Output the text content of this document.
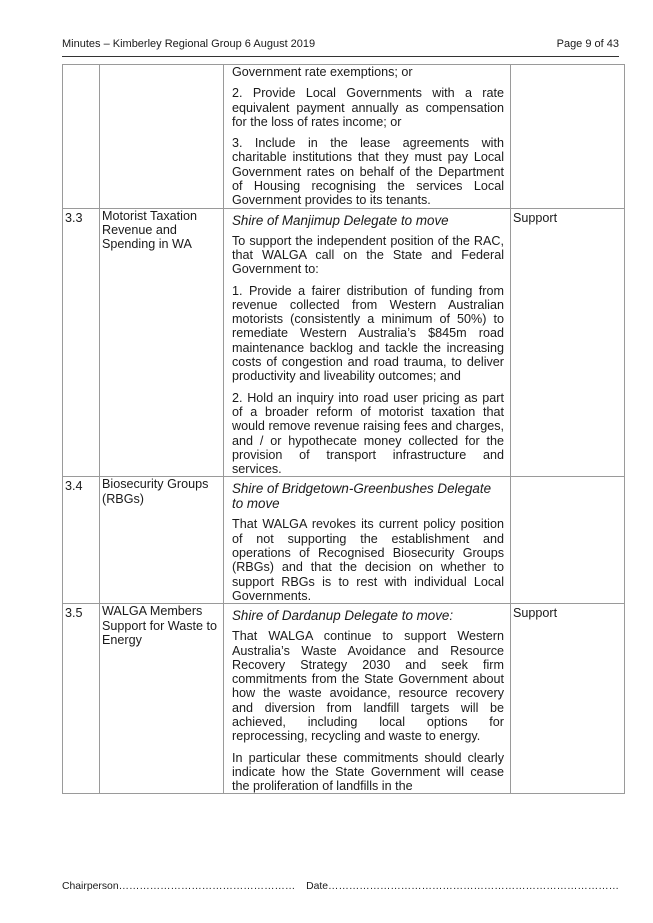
Minutes – Kimberley Regional Group 6 August 2019	Page 9 of 43

		Government rate exemptions; or

2. Provide Local Governments with a rate equivalent payment annually as compensation for the loss of rates income; or

3. Include in the lease agreements with charitable institutions that they must pay Local Government rates on behalf of the Department of Housing recognising the services Local Government provides to its tenants.	

3.3	Motorist Taxation Revenue and Spending in WA	Shire of Manjimup Delegate to move

To support the independent position of the RAC, that WALGA call on the State and Federal Government to:

1. Provide a fairer distribution of funding from revenue collected from Western Australian motorists (consistently a minimum of 50%) to remediate Western Australia’s $845m road maintenance backlog and tackle the increasing costs of congestion and road trauma, to deliver productivity and liveability outcomes; and

2. Hold an inquiry into road user pricing as part of a broader reform of motorist taxation that would remove revenue raising fees and charges, and / or hypothecate money collected for the provision of transport infrastructure and services.	Support
3.4	Biosecurity Groups (RBGs)	Shire of Bridgetown-Greenbushes Delegate to move

That WALGA revokes its current policy position of not supporting the establishment and operations of Recognised Biosecurity Groups (RBGs) and that the decision on whether to support RBGs is to rest with individual Local Governments.	

3.5	WALGA Members Support for Waste to Energy	Shire of Dardanup Delegate to move:

That WALGA continue to support Western Australia’s Waste Avoidance and Resource Recovery Strategy 2030 and seek firm commitments from the State Government about how the waste avoidance, resource recovery and diversion from landfill targets will be achieved, including local options for reprocessing, recycling and waste to energy.

In particular these commitments should clearly indicate how the State Government will cease the proliferation of landfills in the	Support
Chairperson…………………………………………… Date…………………………………………………………………………
